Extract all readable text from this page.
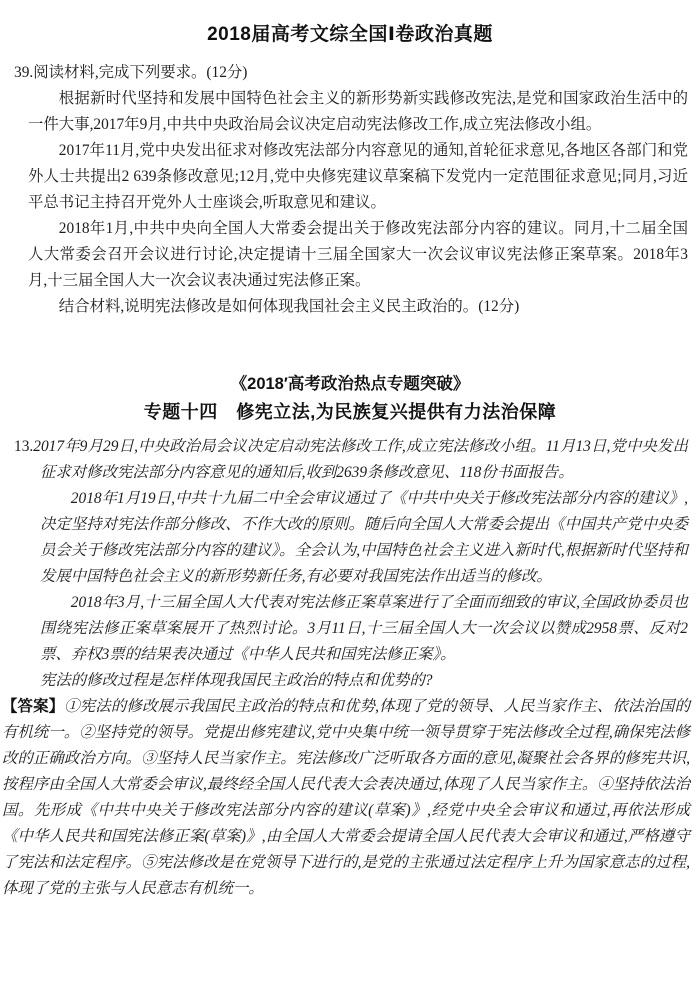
2018届高考文综全国Ⅰ卷政治真题
39.阅读材料,完成下列要求。(12分)

根据新时代坚持和发展中国特色社会主义的新形势新实践修改宪法,是党和国家政治生活中的一件大事,2017年9月,中共中央政治局会议决定启动宪法修改工作,成立宪法修改小组。

2017年11月,党中央发出征求对修改宪法部分内容意见的通知,首轮征求意见,各地区各部门和党外人士共提出2 639条修改意见;12月,党中央修宪建议草案稿下发党内一定范围征求意见;同月,习近平总书记主持召开党外人士座谈会,听取意见和建议。

2018年1月,中共中央向全国人大常委会提出关于修改宪法部分内容的建议。同月,十二届全国人大常委会召开会议进行讨论,决定提请十三届全国家大一次会议审议宪法修正案草案。2018年3月,十三届全国人大一次会议表决通过宪法修正案。

结合材料,说明宪法修改是如何体现我国社会主义民主政治的。(12分)

《2018′高考政治热点专题突破》
专题十四　修宪立法,为民族复兴提供有力法治保障

13.2017年9月29日,中央政治局会议决定启动宪法修改工作,成立宪法修改小组。11月13日,党中央发出征求对修改宪法部分内容意见的通知后,收到2639条修改意见、118份书面报告。

2018年1月19日,中共十九届二中全会审议通过了《中共中央关于修改宪法部分内容的建议》,决定坚持对宪法作部分修改、不作大改的原则。随后向全国人大常委会提出《中国共产党中央委员会关于修改宪法部分内容的建议》。全会认为,中国特色社会主义进入新时代,根据新时代坚持和发展中国特色社会主义的新形势新任务,有必要对我国宪法作出适当的修改。

2018年3月,十三届全国人大代表对宪法修正案草案进行了全面而细致的审议,全国政协委员也围绕宪法修正案草案展开了热烈讨论。3月11日,十三届全国人大一次会议以赞成2958票、反对2票、弃权3票的结果表决通过《中华人民共和国宪法修正案》。

宪法的修改过程是怎样体现我国民主政治的特点和优势的?

【答案】①宪法的修改展示我国民主政治的特点和优势,体现了党的领导、人民当家作主、依法治国的有机统一。②坚持党的领导。党提出修宪建议,党中央集中统一领导贯穿于宪法修改全过程,确保宪法修改的正确政治方向。③坚持人民当家作主。宪法修改广泛听取各方面的意见,凝聚社会各界的修宪共识,按程序由全国人大常委会审议,最终经全国人民代表大会表决通过,体现了人民当家作主。④坚持依法治国。先形成《中共中央关于修改宪法部分内容的建议(草案)》,经党中央全会审议和通过,再依法形成《中华人民共和国宪法修正案(草案)》,由全国人大常委会提请全国人民代表大会审议和通过,严格遵守了宪法和法定程序。⑤宪法修改是在党领导下进行的,是党的主张通过法定程序上升为国家意志的过程,体现了党的主张与人民意志有机统一。
